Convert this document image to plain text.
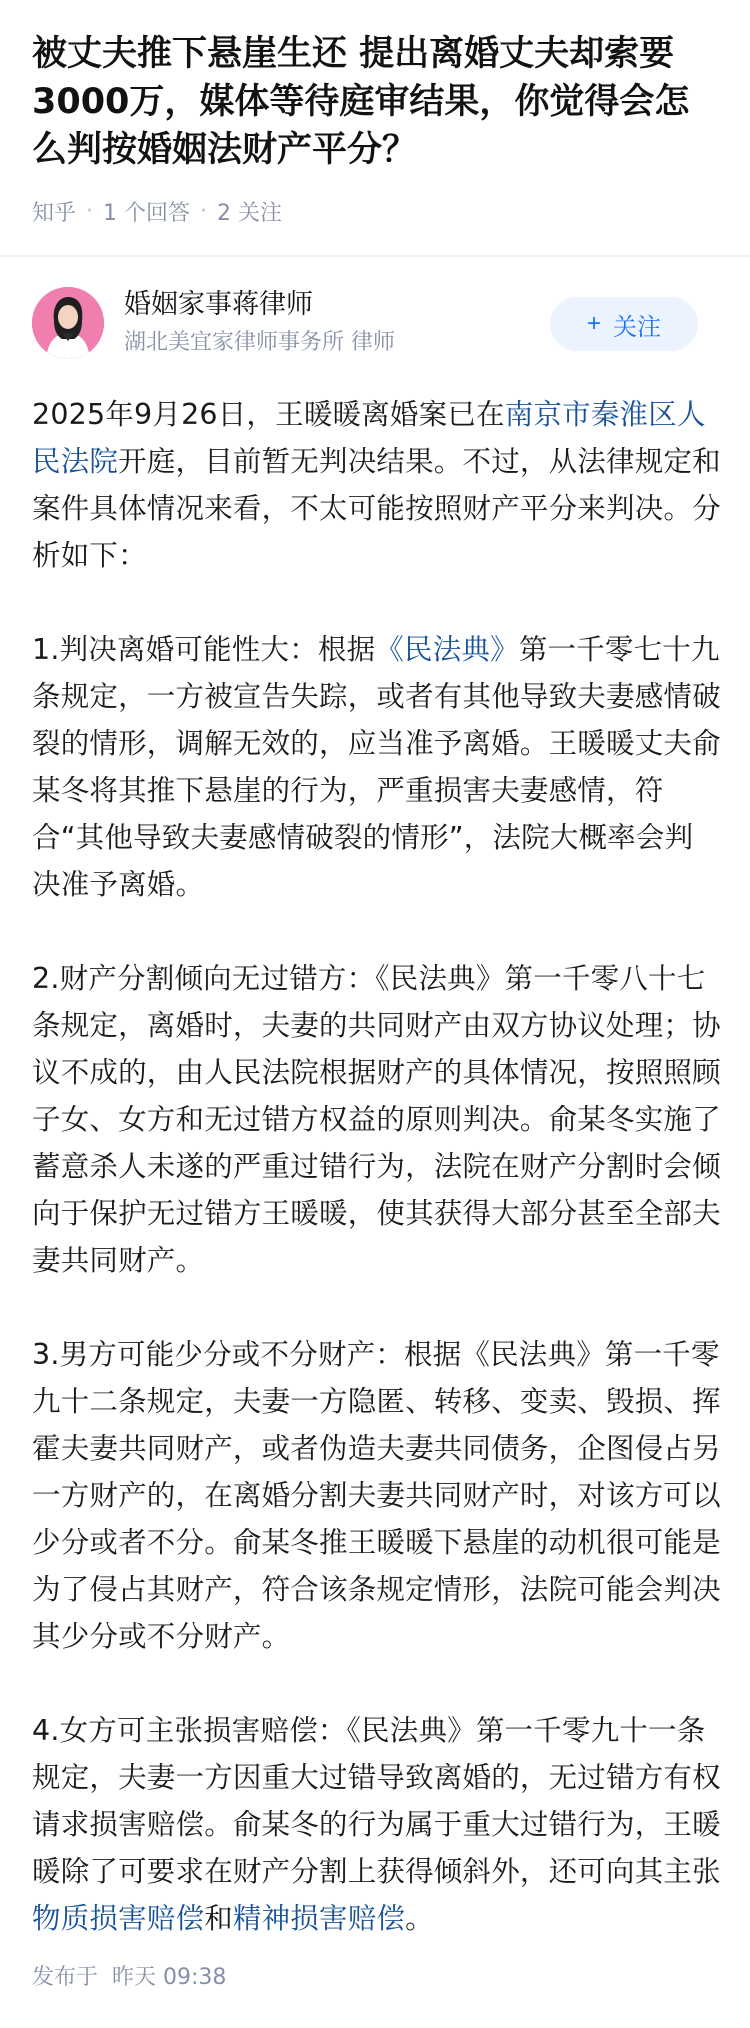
被丈夫推下悬崖生还 提出离婚丈夫却索要3000万，媒体等待庭审结果，你觉得会怎么判按婚姻法财产平分？
知乎 · 1 个回答 · 2 关注
婚姻家事蒋律师
湖北美宜家律师事务所 律师
+ 关注

2025年9月26日，王暖暖离婚案已在南京市秦淮区人民法院开庭，目前暂无判决结果。不过，从法律规定和案件具体情况来看，不太可能按照财产平分来判决。分析如下：

1.判决离婚可能性大：根据《民法典》第一千零七十九条规定，一方被宣告失踪，或者有其他导致夫妻感情破裂的情形，调解无效的，应当准予离婚。王暖暖丈夫俞某冬将其推下悬崖的行为，严重损害夫妻感情，符合“其他导致夫妻感情破裂的情形”，法院大概率会判决准予离婚。

2.财产分割倾向无过错方：《民法典》第一千零八十七条规定，离婚时，夫妻的共同财产由双方协议处理；协议不成的，由人民法院根据财产的具体情况，按照照顾子女、女方和无过错方权益的原则判决。俞某冬实施了蓄意杀人未遂的严重过错行为，法院在财产分割时会倾向于保护无过错方王暖暖，使其获得大部分甚至全部夫妻共同财产。

3.男方可能少分或不分财产：根据《民法典》第一千零九十二条规定，夫妻一方隐匿、转移、变卖、毁损、挥霍夫妻共同财产，或者伪造夫妻共同债务，企图侵占另一方财产的，在离婚分割夫妻共同财产时，对该方可以少分或者不分。俞某冬推王暖暖下悬崖的动机很可能是为了侵占其财产，符合该条规定情形，法院可能会判决其少分或不分财产。

4.女方可主张损害赔偿：《民法典》第一千零九十一条规定，夫妻一方因重大过错导致离婚的，无过错方有权请求损害赔偿。俞某冬的行为属于重大过错行为，王暖暖除了可要求在财产分割上获得倾斜外，还可向其主张物质损害赔偿和精神损害赔偿。

发布于 昨天 09:38
